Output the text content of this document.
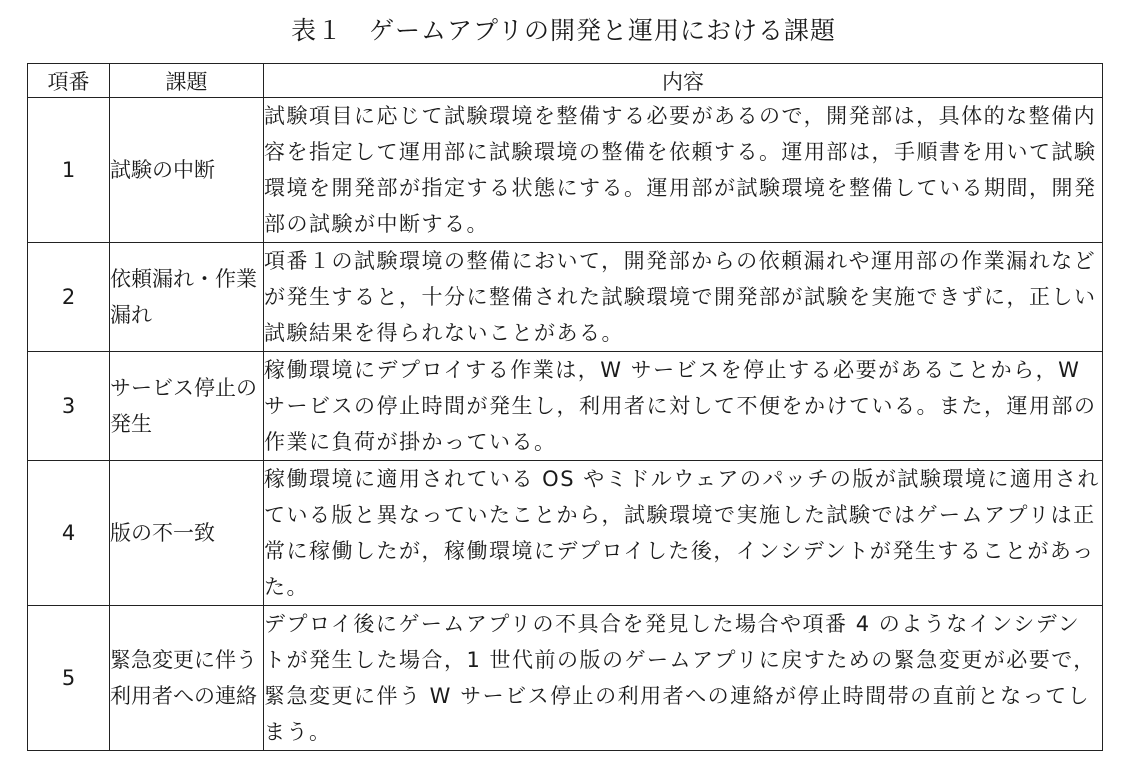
表１　ゲームアプリの開発と運用における課題
項番	課題	内容
1	試験の中断	試験項目に応じて試験環境を整備する必要があるので，開発部は，具体的な整備内容を指定して運用部に試験環境の整備を依頼する。運用部は，手順書を用いて試験環境を開発部が指定する状態にする。運用部が試験環境を整備している期間，開発部の試験が中断する。
2	依頼漏れ・作業漏れ	項番１の試験環境の整備において，開発部からの依頼漏れや運用部の作業漏れなどが発生すると，十分に整備された試験環境で開発部が試験を実施できずに，正しい試験結果を得られないことがある。
3	サービス停止の発生	稼働環境にデプロイする作業は，W サービスを停止する必要があることから，W サービスの停止時間が発生し，利用者に対して不便をかけている。また，運用部の作業に負荷が掛かっている。
4	版の不一致	稼働環境に適用されている OS やミドルウェアのパッチの版が試験環境に適用されている版と異なっていたことから，試験環境で実施した試験ではゲームアプリは正常に稼働したが，稼働環境にデプロイした後，インシデントが発生することがあった。
5	緊急変更に伴う利用者への連絡	デプロイ後にゲームアプリの不具合を発見した場合や項番 4 のようなインシデントが発生した場合，1 世代前の版のゲームアプリに戻すための緊急変更が必要で，緊急変更に伴う W サービス停止の利用者への連絡が停止時間帯の直前となってしまう。
